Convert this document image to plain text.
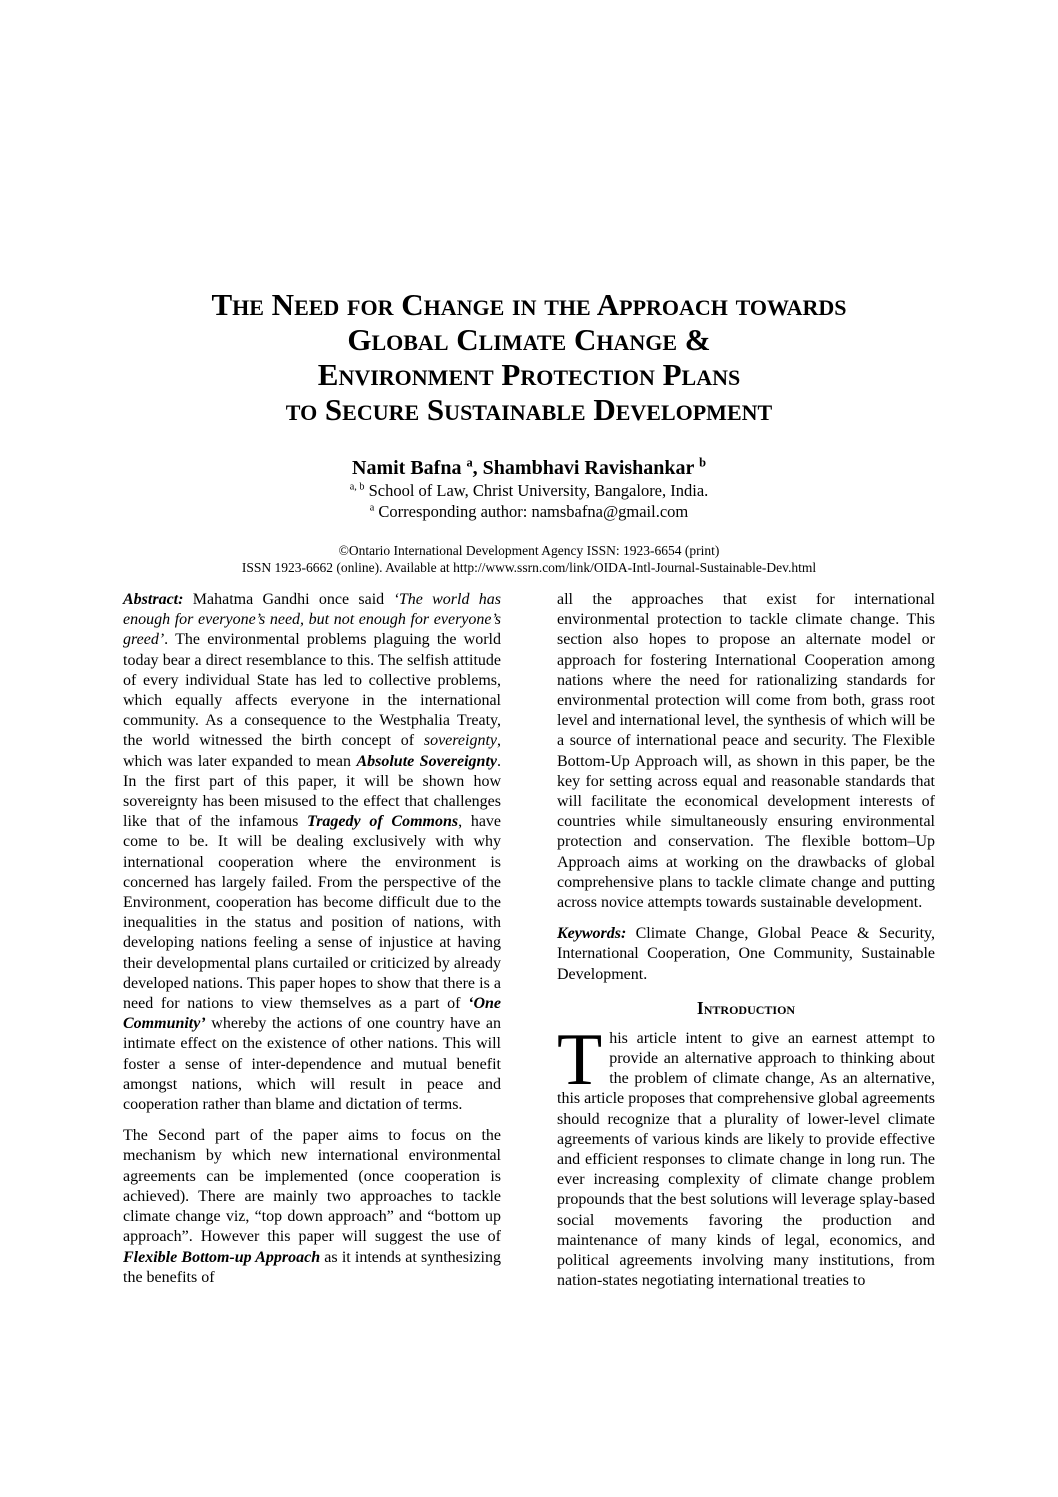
The Need for Change in the Approach towards
Global Climate Change &
Environment Protection Plans
to Secure Sustainable Development
Namit Bafna $^a$, Shambhavi Ravishankar $^b$
$^{a, b}$ School of Law, Christ University, Bangalore, India.
$^a$ Corresponding author: namsbafna@gmail.com
©Ontario International Development Agency ISSN: 1923-6654 (print)
ISSN 1923-6662 (online). Available at http://www.ssrn.com/link/OIDA-Intl-Journal-Sustainable-Dev.html

Abstract: Mahatma Gandhi once said ‘The world has enough for everyone’s need, but not enough for everyone’s greed’. The environmental problems plaguing the world today bear a direct resemblance to this. The selfish attitude of every individual State has led to collective problems, which equally affects everyone in the international community. As a consequence to the Westphalia Treaty, the world witnessed the birth concept of sovereignty, which was later expanded to mean Absolute Sovereignty. In the first part of this paper, it will be shown how sovereignty has been misused to the effect that challenges like that of the infamous Tragedy of Commons, have come to be. It will be dealing exclusively with why international cooperation where the environment is concerned has largely failed. From the perspective of the Environment, cooperation has become difficult due to the inequalities in the status and position of nations, with developing nations feeling a sense of injustice at having their developmental plans curtailed or criticized by already developed nations. This paper hopes to show that there is a need for nations to view themselves as a part of ‘One Community’ whereby the actions of one country have an intimate effect on the existence of other nations. This will foster a sense of inter-dependence and mutual benefit amongst nations, which will result in peace and cooperation rather than blame and dictation of terms.

The Second part of the paper aims to focus on the mechanism by which new international environmental agreements can be implemented (once cooperation is achieved). There are mainly two approaches to tackle climate change viz, “top down approach” and “bottom up approach”. However this paper will suggest the use of Flexible Bottom-up Approach as it intends at synthesizing the benefits of

all the approaches that exist for international environmental protection to tackle climate change. This section also hopes to propose an alternate model or approach for fostering International Cooperation among nations where the need for rationalizing standards for environmental protection will come from both, grass root level and international level, the synthesis of which will be a source of international peace and security. The Flexible Bottom-Up Approach will, as shown in this paper, be the key for setting across equal and reasonable standards that will facilitate the economical development interests of countries while simultaneously ensuring environmental protection and conservation. The flexible bottom–Up Approach aims at working on the drawbacks of global comprehensive plans to tackle climate change and putting across novice attempts towards sustainable development.

Keywords: Climate Change, Global Peace & Security, International Cooperation, One Community, Sustainable Development.

Introduction

This article intent to give an earnest attempt to provide an alternative approach to thinking about the problem of climate change, As an alternative, this article proposes that comprehensive global agreements should recognize that a plurality of lower-level climate agreements of various kinds are likely to provide effective and efficient responses to climate change in long run. The ever increasing complexity of climate change problem propounds that the best solutions will leverage splay-based social movements favoring the production and maintenance of many kinds of legal, economics, and political agreements involving many institutions, from nation-states negotiating international treaties to
